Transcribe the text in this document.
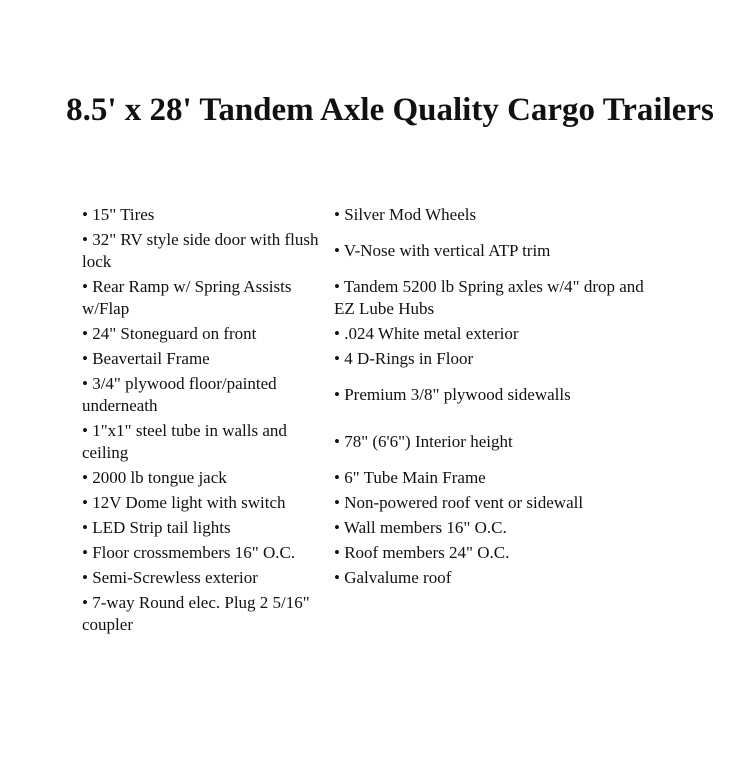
8.5' x 28' Tandem Axle Quality Cargo Trailers
• 15" Tires	• Silver Mod Wheels
• 32" RV style side door with flush lock	• V-Nose with vertical ATP trim
• Rear Ramp w/ Spring Assists w/Flap	• Tandem 5200 lb Spring axles w/4" drop and EZ Lube Hubs
• 24" Stoneguard on front	• .024 White metal exterior
• Beavertail Frame	• 4 D-Rings in Floor
• 3/4" plywood floor/painted underneath	• Premium 3/8" plywood sidewalls
• 1"x1" steel tube in walls and ceiling	• 78" (6'6") Interior height
• 2000 lb tongue jack	• 6" Tube Main Frame
• 12V Dome light with switch	• Non-powered roof vent or sidewall
• LED Strip tail lights	• Wall members 16" O.C.
• Floor crossmembers 16" O.C.	• Roof members 24" O.C.
• Semi-Screwless exterior	• Galvalume roof
• 7-way Round elec. Plug 2 5/16" coupler	
